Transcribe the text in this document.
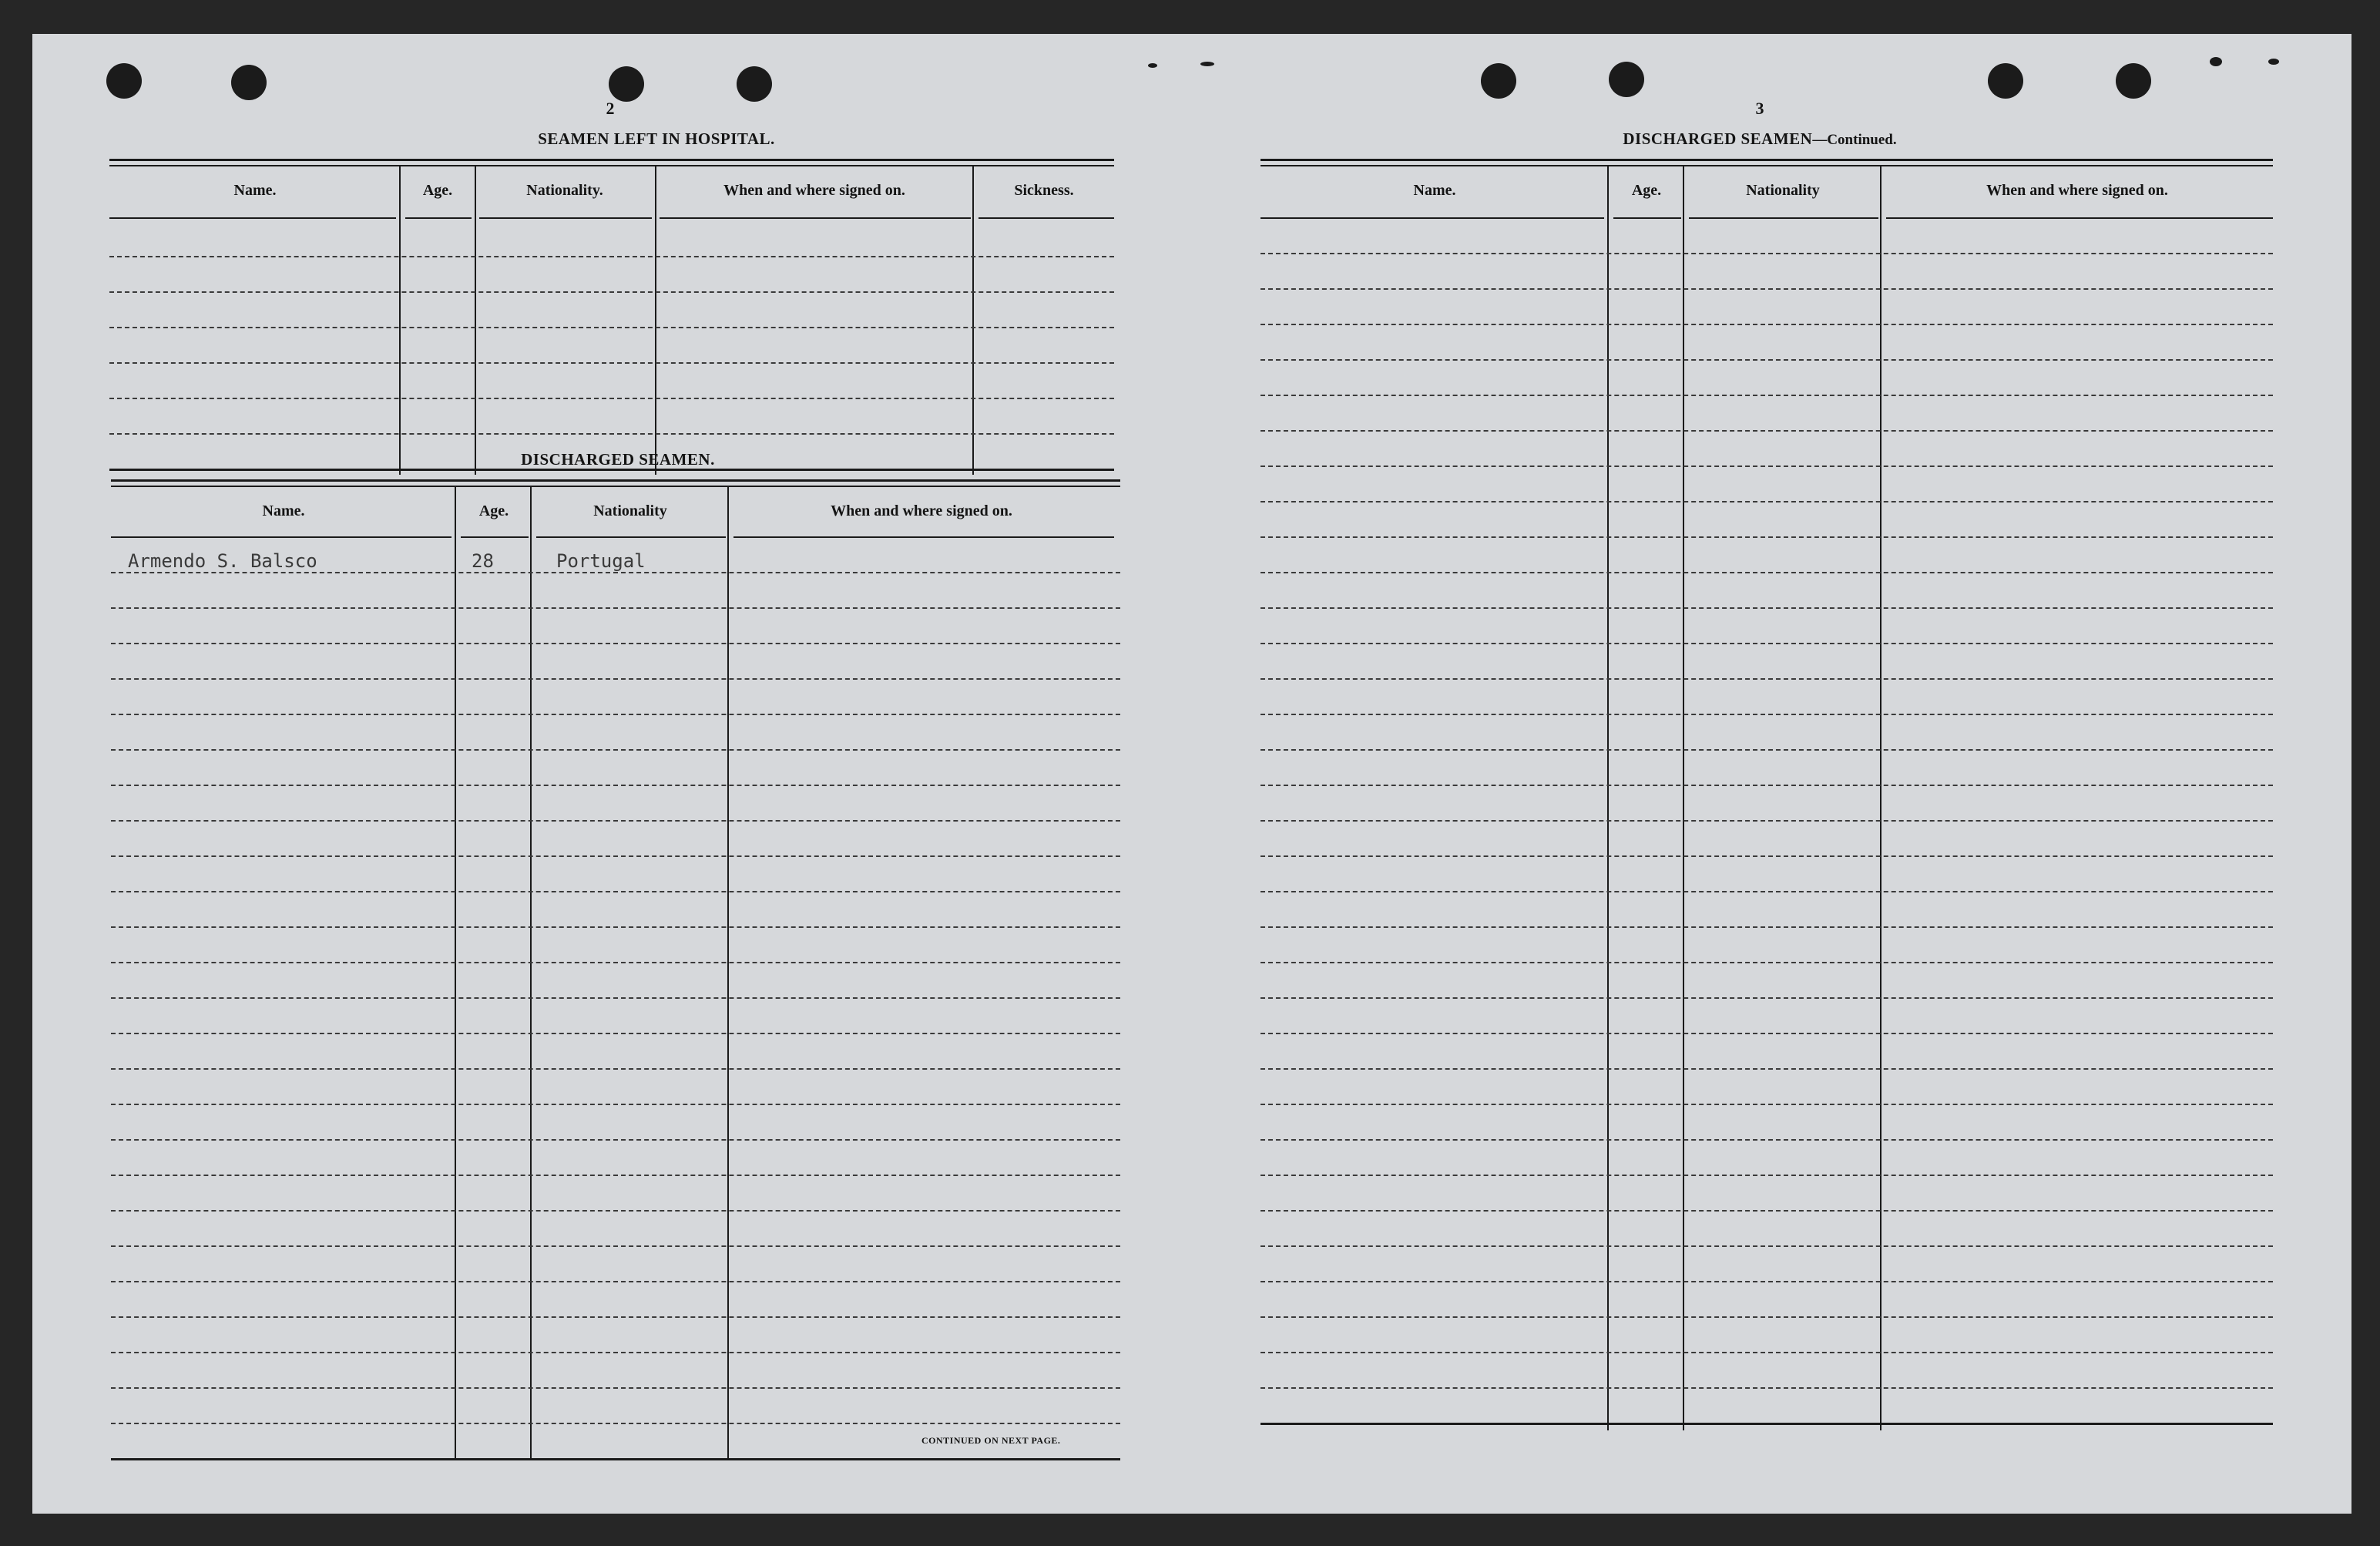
2
SEAMEN LEFT IN HOSPITAL.
Name.	Age.	Nationality.	When and where signed on.	Sickness.
DISCHARGED SEAMEN.
Name.	Age.	Nationality	When and where signed on.
Armendo S. Balsco	28	Portugal
CONTINUED ON NEXT PAGE.
3
DISCHARGED SEAMEN—Continued.
Name.	Age.	Nationality	When and where signed on.
